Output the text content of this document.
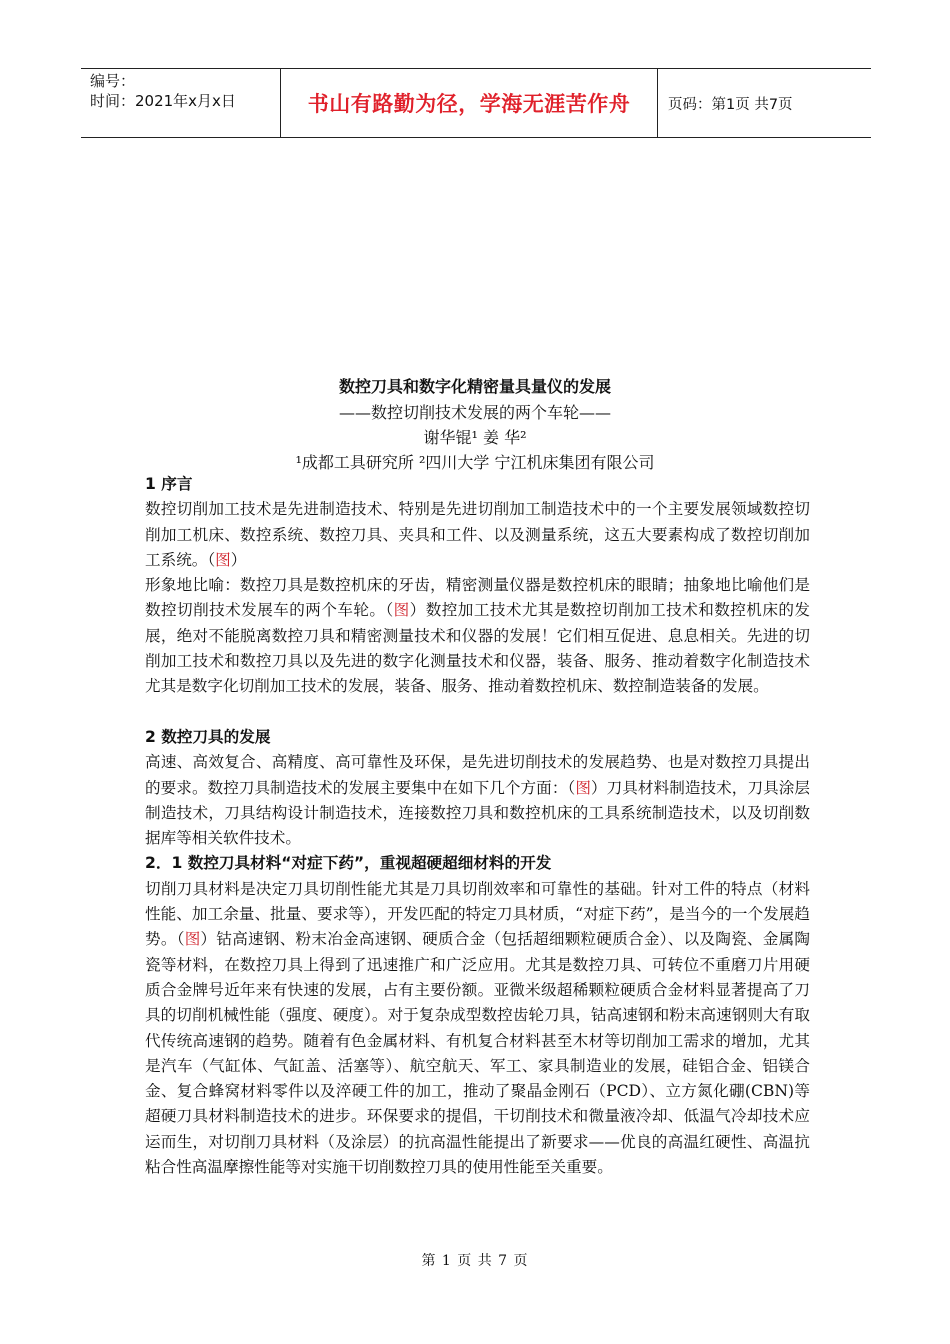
编号：
时间：2021年x月x日	书山有路勤为径，学海无涯苦作舟	页码：第1页 共7页
数控刀具和数字化精密量具量仪的发展
——数控切削技术发展的两个车轮——
谢华锟¹ 姜 华²
¹成都工具研究所 ²四川大学 宁江机床集团有限公司

1 序言

数控切削加工技术是先进制造技术、特别是先进切削加工制造技术中的一个主要发展领域数控切削加工机床、数控系统、数控刀具、夹具和工件、以及测量系统，这五大要素构成了数控切削加工系统。（图）

形象地比喻：数控刀具是数控机床的牙齿，精密测量仪器是数控机床的眼睛；抽象地比喻他们是数控切削技术发展车的两个车轮。（图）数控加工技术尤其是数控切削加工技术和数控机床的发展，绝对不能脱离数控刀具和精密测量技术和仪器的发展！它们相互促进、息息相关。先进的切削加工技术和数控刀具以及先进的数字化测量技术和仪器，装备、服务、推动着数字化制造技术尤其是数字化切削加工技术的发展，装备、服务、推动着数控机床、数控制造装备的发展。

2 数控刀具的发展

高速、高效复合、高精度、高可靠性及环保，是先进切削技术的发展趋势、也是对数控刀具提出的要求。数控刀具制造技术的发展主要集中在如下几个方面：（图）刀具材料制造技术，刀具涂层制造技术，刀具结构设计制造技术，连接数控刀具和数控机床的工具系统制造技术，以及切削数据库等相关软件技术。

2．1 数控刀具材料“对症下药”，重视超硬超细材料的开发

切削刀具材料是决定刀具切削性能尤其是刀具切削效率和可靠性的基础。针对工件的特点（材料性能、加工余量、批量、要求等），开发匹配的特定刀具材质，“对症下药”，是当今的一个发展趋势。（图）钴高速钢、粉末冶金高速钢、硬质合金（包括超细颗粒硬质合金）、以及陶瓷、金属陶瓷等材料，在数控刀具上得到了迅速推广和广泛应用。尤其是数控刀具、可转位不重磨刀片用硬质合金牌号近年来有快速的发展，占有主要份额。亚微米级超稀颗粒硬质合金材料显著提高了刀具的切削机械性能（强度、硬度）。对于复杂成型数控齿轮刀具，钴高速钢和粉末高速钢则大有取代传统高速钢的趋势。随着有色金属材料、有机复合材料甚至木材等切削加工需求的增加，尤其是汽车（气缸体、气缸盖、活塞等）、航空航天、军工、家具制造业的发展，硅铝合金、铝镁合金、复合蜂窝材料零件以及淬硬工件的加工，推动了聚晶金刚石（PCD）、立方氮化硼(CBN)等超硬刀具材料制造技术的进步。环保要求的提倡，干切削技术和微量液冷却、低温气冷却技术应运而生，对切削刀具材料（及涂层）的抗高温性能提出了新要求——优良的高温红硬性、高温抗粘合性高温摩擦性能等对实施干切削数控刀具的使用性能至关重要。

第 1 页 共 7 页
